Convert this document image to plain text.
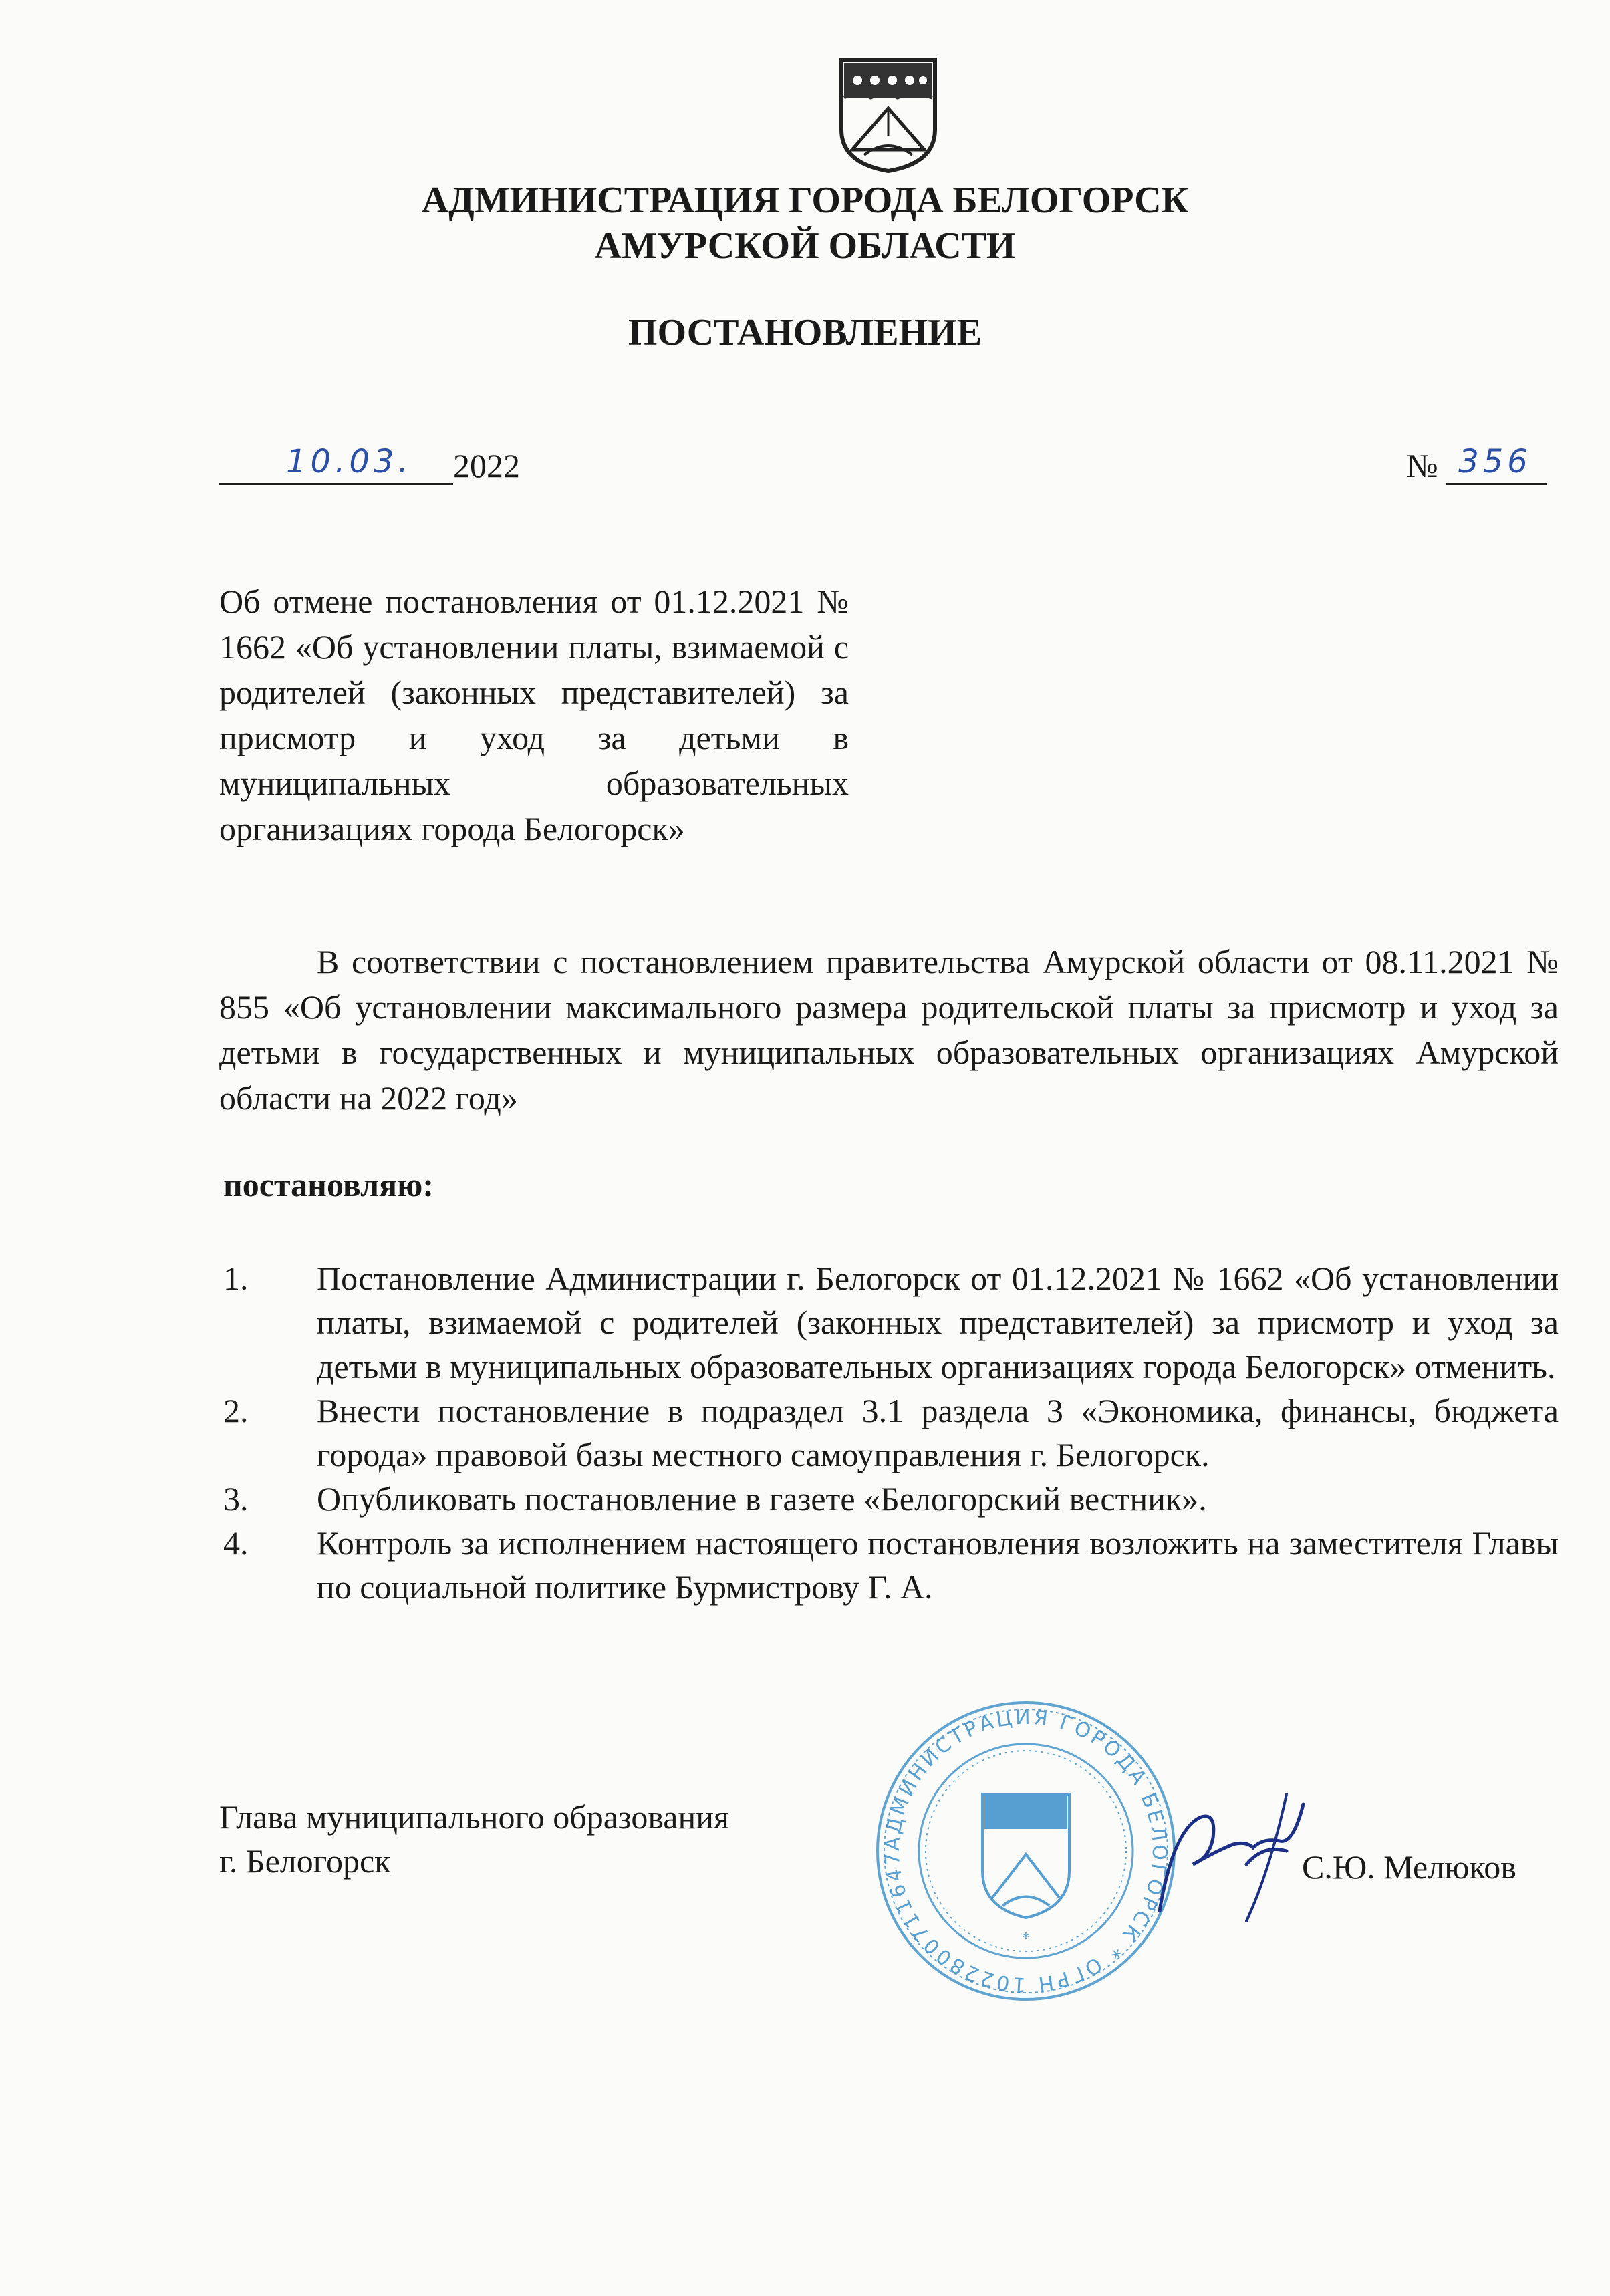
АДМИНИСТРАЦИЯ ГОРОДА БЕЛОГОРСК
АМУРСКОЙ ОБЛАСТИ
ПОСТАНОВЛЕНИЕ
10.03. 2022	№ 356
Об отмене постановления от 01.12.2021 № 1662 «Об установлении платы, взимаемой с родителей (законных представителей) за присмотр и уход за детьми в муниципальных образовательных организациях города Белогорск»
В соответствии с постановлением правительства Амурской области от 08.11.2021 № 855 «Об установлении максимального размера родительской платы за присмотр и уход за детьми в государственных и муниципальных образовательных организациях Амурской области на 2022 год»
постановляю:
1. Постановление Администрации г. Белогорск от 01.12.2021 № 1662 «Об установлении платы, взимаемой с родителей (законных представителей) за присмотр и уход за детьми в муниципальных образовательных организациях города Белогорск» отменить.
2. Внести постановление в подраздел 3.1 раздела 3 «Экономика, финансы, бюджета города» правовой базы местного самоуправления г. Белогорск.
3. Опубликовать постановление в газете «Белогорский вестник».
4. Контроль за исполнением настоящего постановления возложить на заместителя Главы по социальной политике Бурмистрову Г. А.
Глава муниципального образования
г. Белогорск	АДМИНИСТРАЦИЯ ГОРОДА БЕЛОГОРСК * ОГРН 1022800711647
*
С.Ю. Мелюков
